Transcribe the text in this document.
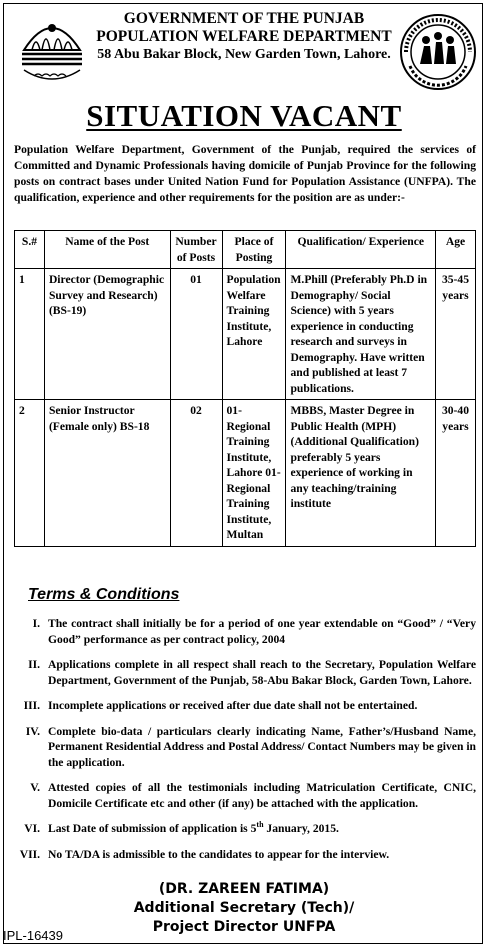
GOVERNMENT OF THE PUNJAB
POPULATION WELFARE DEPARTMENT
58 Abu Bakar Block, New Garden Town, Lahore.
SITUATION VACANT
Population Welfare Department, Government of the Punjab, required the services of Committed and Dynamic Professionals having domicile of Punjab Province for the following posts on contract bases under United Nation Fund for Population Assistance (UNFPA). The qualification, experience and other requirements for the position are as under:-
S.#	Name of the Post	Number of Posts	Place of Posting	Qualification/ Experience	Age
1	Director (Demographic Survey and Research) (BS-19)	01	Population Welfare Training Institute, Lahore	M.Phill (Preferably Ph.D in Demography/ Social Science) with 5 years experience in conducting research and surveys in Demography. Have written and published at least 7 publications.	35-45 years
2	Senior Instructor (Female only) BS-18	02	01-Regional Training Institute, Lahore 01-Regional Training Institute, Multan	MBBS, Master Degree in Public Health (MPH) (Additional Qualification) preferably 5 years experience of working in any teaching/training institute	30-40 years
Terms & Conditions
I. The contract shall initially be for a period of one year extendable on “Good” / “Very Good” performance as per contract policy, 2004
II. Applications complete in all respect shall reach to the Secretary, Population Welfare Department, Government of the Punjab, 58-Abu Bakar Block, Garden Town, Lahore.
III. Incomplete applications or received after due date shall not be entertained.
IV. Complete bio-data / particulars clearly indicating Name, Father’s/Husband Name, Permanent Residential Address and Postal Address/ Contact Numbers may be given in the application.
V. Attested copies of all the testimonials including Matriculation Certificate, CNIC, Domicile Certificate etc and other (if any) be attached with the application.
VI. Last Date of submission of application is 5th January, 2015.
VII. No TA/DA is admissible to the candidates to appear for the interview.
(DR. ZAREEN FATIMA)
Additional Secretary (Tech)/
Project Director UNFPA
IPL-16439
